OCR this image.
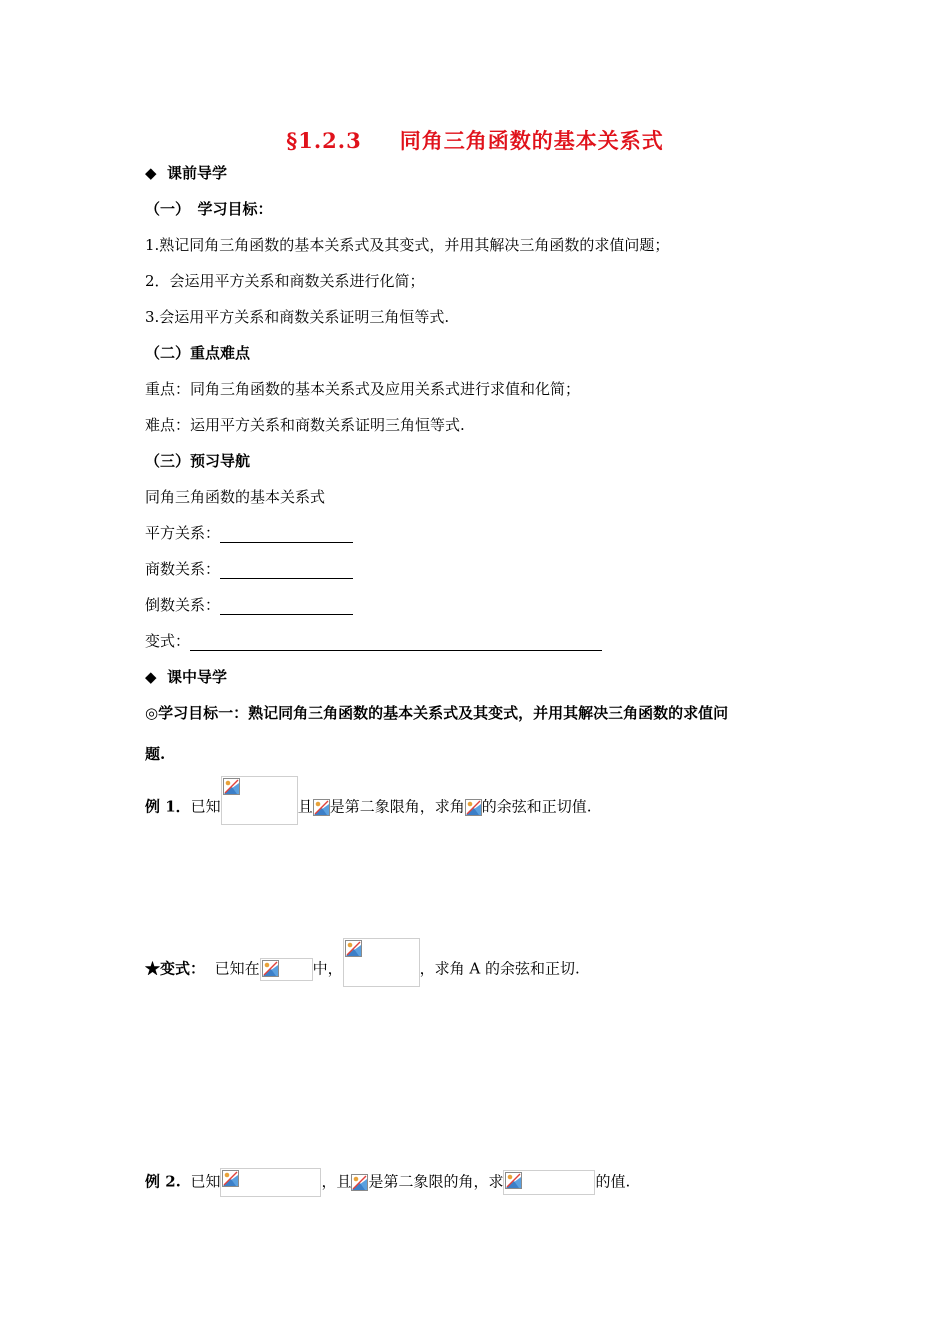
§1.2.3 同角三角函数的基本关系式
◆ 课前导学
（一）　学习目标：
1.熟记同角三角函数的基本关系式及其变式，并用其解决三角函数的求值问题；
2．会运用平方关系和商数关系进行化简；
3.会运用平方关系和商数关系证明三角恒等式.
（二）重点难点
重点：同角三角函数的基本关系式及应用关系式进行求值和化简；
难点：运用平方关系和商数关系证明三角恒等式.
（三）预习导航
同角三角函数的基本关系式
平方关系：
商数关系：
倒数关系：
变式：
◆ 课中导学
◎学习目标一：熟记同角三角函数的基本关系式及其变式，并用其解决三角函数的求值问
题.
例 1．已知	且 是第二象限角，求角 的余弦和正切值.
★变式： 已知在	中，	，求角 A 的余弦和正切.
例 2. 已知	，且 是第二象限的角，求	的值.
